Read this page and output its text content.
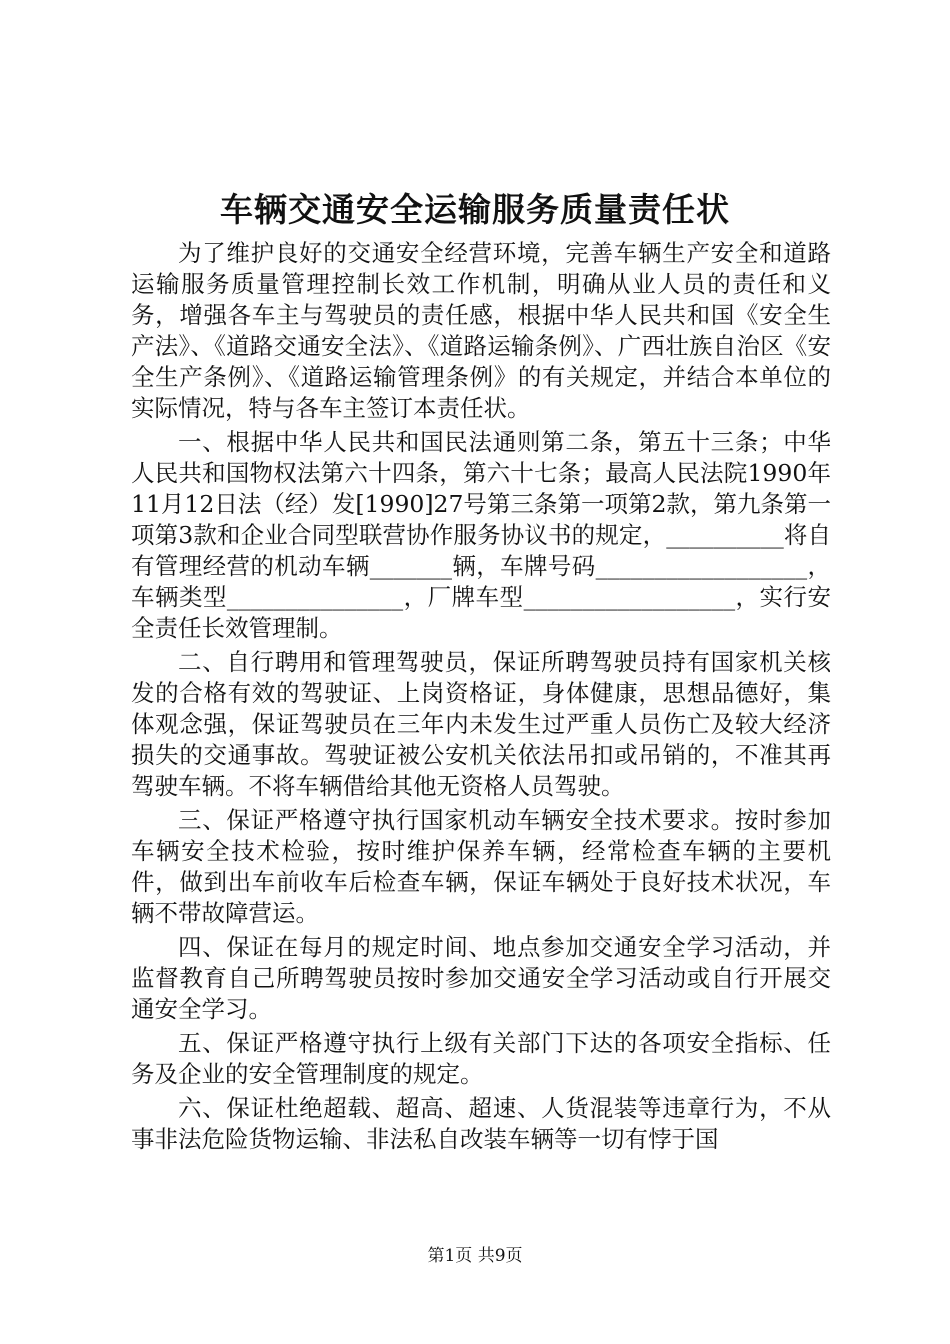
车辆交通安全运输服务质量责任状

为了维护良好的交通安全经营环境，完善车辆生产安全和道路运输服务质量管理控制长效工作机制，明确从业人员的责任和义务，增强各车主与驾驶员的责任感，根据中华人民共和国《安全生产法》、《道路交通安全法》、《道路运输条例》、广西壮族自治区《安全生产条例》、《道路运输管理条例》的有关规定，并结合本单位的实际情况，特与各车主签订本责任状。

一、根据中华人民共和国民法通则第二条，第五十三条；中华人民共和国物权法第六十四条，第六十七条；最高人民法院1990年11月12日法（经）发[1990]27号第三条第一项第2款，第九条第一项第3款和企业合同型联营协作服务协议书的规定，__________将自有管理经营的机动车辆_______辆，车牌号码__________________，车辆类型_______________，厂牌车型__________________，实行安全责任长效管理制。

二、自行聘用和管理驾驶员，保证所聘驾驶员持有国家机关核发的合格有效的驾驶证、上岗资格证，身体健康，思想品德好，集体观念强，保证驾驶员在三年内未发生过严重人员伤亡及较大经济损失的交通事故。驾驶证被公安机关依法吊扣或吊销的，不准其再驾驶车辆。不将车辆借给其他无资格人员驾驶。

三、保证严格遵守执行国家机动车辆安全技术要求。按时参加车辆安全技术检验，按时维护保养车辆，经常检查车辆的主要机件，做到出车前收车后检查车辆，保证车辆处于良好技术状况，车辆不带故障营运。

四、保证在每月的规定时间、地点参加交通安全学习活动，并监督教育自己所聘驾驶员按时参加交通安全学习活动或自行开展交通安全学习。

五、保证严格遵守执行上级有关部门下达的各项安全指标、任务及企业的安全管理制度的规定。

六、保证杜绝超载、超高、超速、人货混装等违章行为，不从事非法危险货物运输、非法私自改装车辆等一切有悖于国

第1页 共9页
